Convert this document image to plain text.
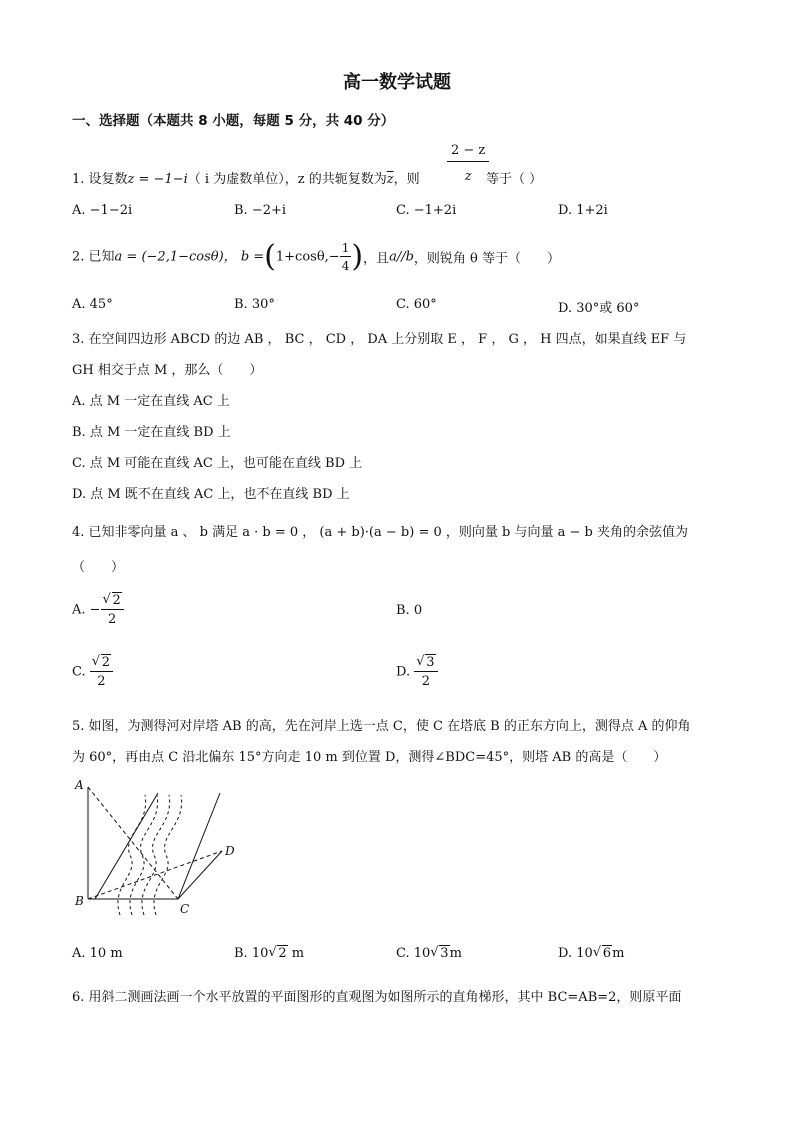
高一数学试题
一、选择题（本题共 8 小题，每题 5 分，共 40 分）
1. 设复数z = −1−i（ i 为虚数单位），z 的共轭复数为$\overline{z}$，则 $\frac{2 - z}{z}$
等于（ ）
A. −1−2i	B. −2+i	C. −1+2i	D. 1+2i
2. 已知a = (−2,1−cosθ)， $b =(1+\cos\theta,- \frac{1}{4}$ )，且a//b，则锐角 θ 等于（　　）
A. 45°	B. 30°	C. 60°	D. 30°或 60°
3. 在空间四边形 ABCD 的边 AB ， BC ， CD ， DA 上分别取 E ， F ， G ， H 四点，如果直线 EF 与
GH 相交于点 M ，那么（　　）
A. 点 M 一定在直线 AC 上
B. 点 M 一定在直线 BD 上
C. 点 M 可能在直线 AC 上，也可能在直线 BD 上
D. 点 M 既不在直线 AC 上，也不在直线 BD 上
4. 已知非零向量 a 、 b 满足 a · b = 0 ， (a + b)·(a − b) = 0 ，则向量 b 与向量 a − b 夹角的余弦值为
（　　）
A. − √ $\frac{2}{2}$	B. 0
C. √ $\frac{2}{2}$	D. √ $\frac{3}{2}$
5. 如图，为测得河对岸塔 AB 的高，先在河岸上选一点 C，使 C 在塔底 B 的正东方向上，测得点 A 的仰角
为 60°，再由点 C 沿北偏东 15°方向走 10 m 到位置 D，测得∠BDC=45°，则塔 AB 的高是（　　）
A
B
C
D
A. 10 m	B. 10 √ 2 m	C. 10 √ 3m	D. 10 √ 6m
6. 用斜二测画法画一个水平放置的平面图形的直观图为如图所示的直角梯形，其中 BC=AB=2，则原平面
